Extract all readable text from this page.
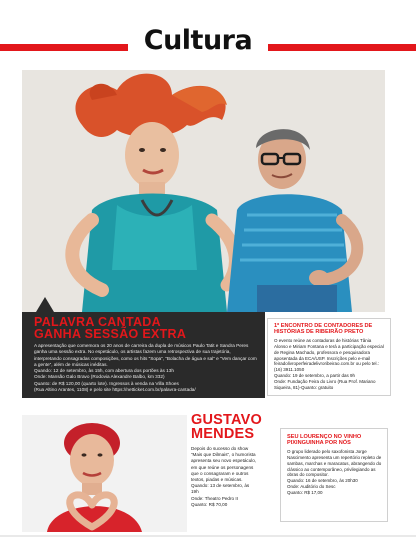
Cultura
PALAVRA CANTADA
GANHA SESSÃO EXTRA
A apresentação que comemora os 20 anos de carreira da dupla de músicos Paulo Tatit e Sandra Peres ganha uma sessão extra. No espetáculo, os artistas fazem uma retrospectiva de sua trajetória, interpretando consagradas composições, como os hits “Sopa”, “Bolacha de água e sal” e “Vem dançar com a gente”, além de músicas inéditas.
Quando: 12 de setembro, às 15h, com abertura dos portões às 13h
Onde: Mansão Galo Bravo (Rodovia Alexandre Balbo, km 332)
Quanto: de R$ 120,00 (quarto lote). Ingressos à venda na Villa Shoes
(Rua Altino Arantes, 1108) e pelo site https://netticket.com.br/palavra-cantada/
1º ENCONTRO DE CONTADORES DE HISTÓRIAS DE RIBEIRÃO PRETO
O evento reúne as contadoras de histórias Tânia Alonso e Miriam Fontana e terá a participação especial de Regina Machado, professora e pesquisadora aposentada da ECA/USP. Inscrições pelo e-mail feiradolivroperfeiradelivroribeirao.com.br ou pelo tel.: (16) 3911.1050
Quando: 19 de setembro, a partir das 9h
Onde: Fundação Feira do Livro (Rua Prof. Mariano Siqueira, 81)-Quanto: gratuito
GUSTAVO
MENDES
Depois do sucesso do show “Mais que Dilmais”, o humorista apresenta seu novo espetáculo, em que reúne os personagens que o consagraram e outros textos, piadas e músicas.
Quando: 13 de setembro, às 19h
Onde: Theatro Pedro II
Quanto: R$ 70,00
SEU LOURENÇO NO VINHO PIXINGUINHA POR NÓS
O grupo liderado pelo saxofonista Jorge Nascimento apresenta um repertório repleto de sambas, marchas e maracatus, abrangendo do clássico ao contemporâneo, privilegiando as obras do compositor.
Quando: 16 de setembro, às 20h30
Onde: Auditório do Sesc
Quanto: R$ 17,00
